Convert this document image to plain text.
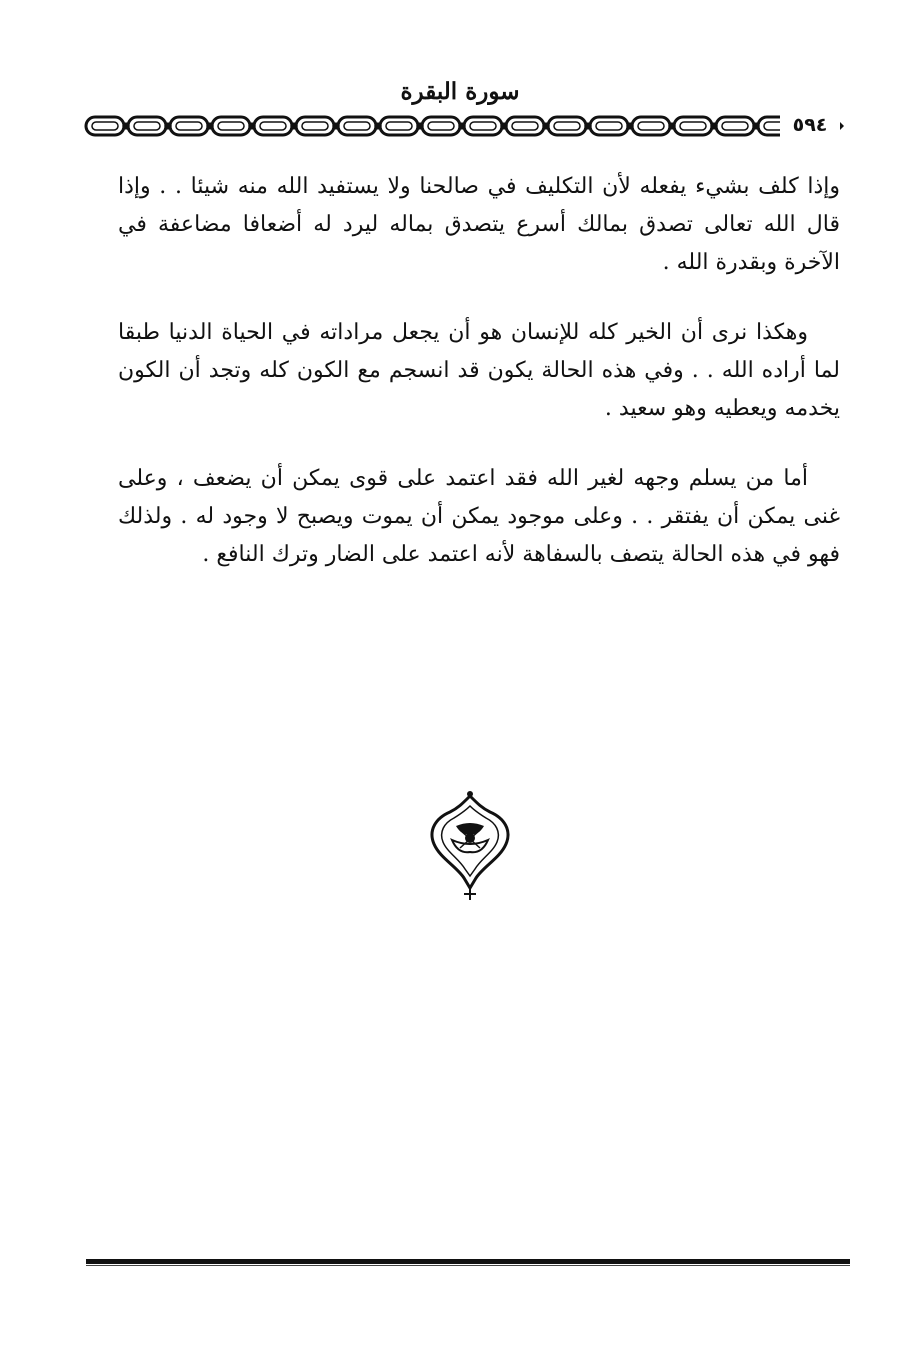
سورة البقرة
٥٩٤

وإذا كلف بشيء يفعله لأن التكليف في صالحنا ولا يستفيد الله منه شيئا . . وإذا قال الله تعالى تصدق بمالك أسرع يتصدق بماله ليرد له أضعافا مضاعفة في الآخرة وبقدرة الله .

وهكذا نرى أن الخير كله للإنسان هو أن يجعل مراداته في الحياة الدنيا طبقا لما أراده الله . . وفي هذه الحالة يكون قد انسجم مع الكون كله وتجد أن الكون يخدمه ويعطيه وهو سعيد .

أما من يسلم وجهه لغير الله فقد اعتمد على قوى يمكن أن يضعف ، وعلى غنى يمكن أن يفتقر . . وعلى موجود يمكن أن يموت ويصبح لا وجود له . ولذلك فهو في هذه الحالة يتصف بالسفاهة لأنه اعتمد على الضار وترك النافع .
